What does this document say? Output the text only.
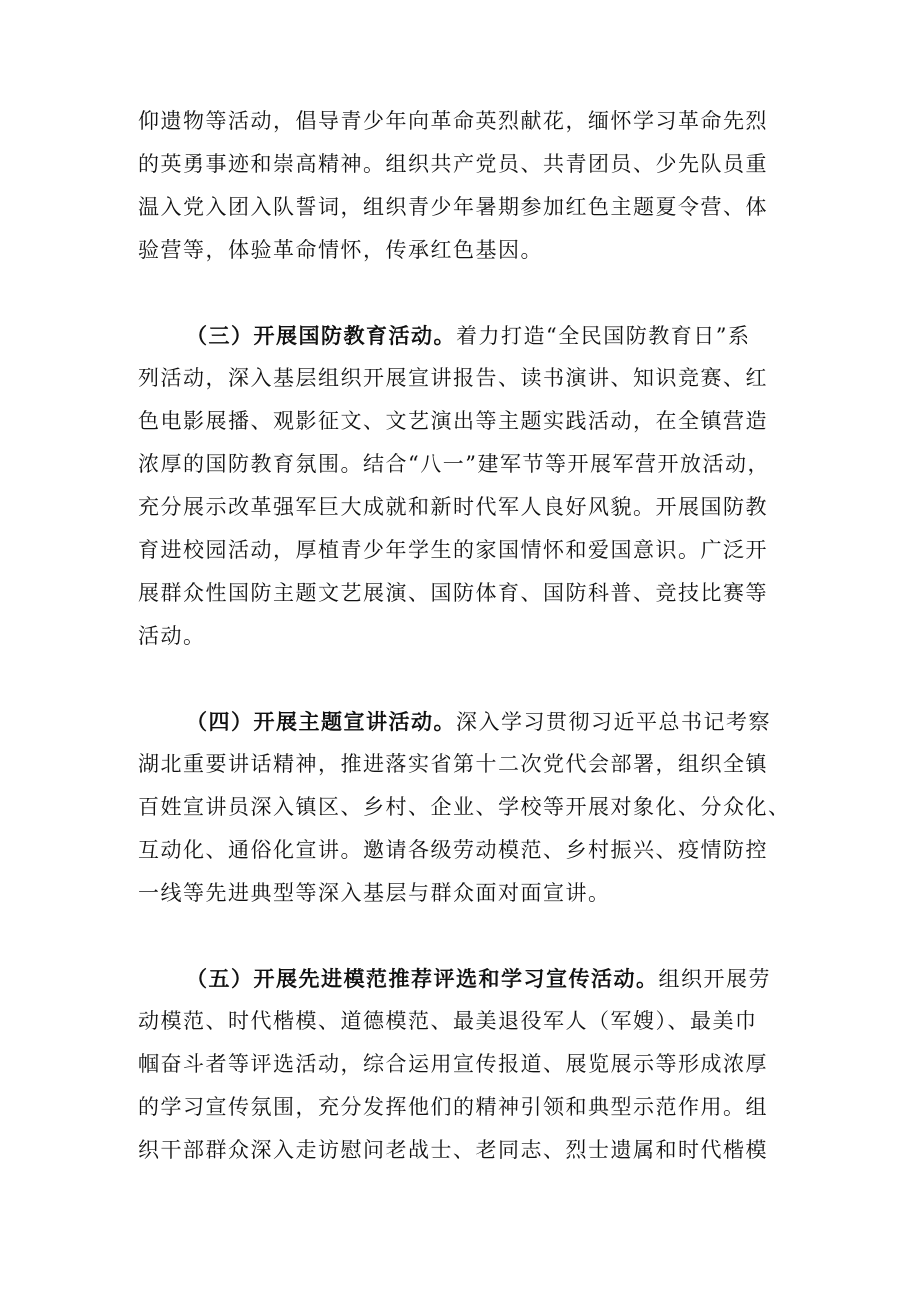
仰遗物等活动，倡导青少年向革命英烈献花，缅怀学习革命先烈
的英勇事迹和崇高精神。组织共产党员、共青团员、少先队员重
温入党入团入队誓词，组织青少年暑期参加红色主题夏令营、体
验营等，体验革命情怀，传承红色基因。
（三）开展国防教育活动。着力打造“全民国防教育日”系
列活动，深入基层组织开展宣讲报告、读书演讲、知识竞赛、红
色电影展播、观影征文、文艺演出等主题实践活动，在全镇营造
浓厚的国防教育氛围。结合“八一”建军节等开展军营开放活动，
充分展示改革强军巨大成就和新时代军人良好风貌。开展国防教
育进校园活动，厚植青少年学生的家国情怀和爱国意识。广泛开
展群众性国防主题文艺展演、国防体育、国防科普、竞技比赛等
活动。
（四）开展主题宣讲活动。深入学习贯彻习近平总书记考察
湖北重要讲话精神，推进落实省第十二次党代会部署，组织全镇
百姓宣讲员深入镇区、乡村、企业、学校等开展对象化、分众化、
互动化、通俗化宣讲。邀请各级劳动模范、乡村振兴、疫情防控
一线等先进典型等深入基层与群众面对面宣讲。
（五）开展先进模范推荐评选和学习宣传活动。组织开展劳
动模范、时代楷模、道德模范、最美退役军人（军嫂）、最美巾
帼奋斗者等评选活动，综合运用宣传报道、展览展示等形成浓厚
的学习宣传氛围，充分发挥他们的精神引领和典型示范作用。组
织干部群众深入走访慰问老战士、老同志、烈士遗属和时代楷模
